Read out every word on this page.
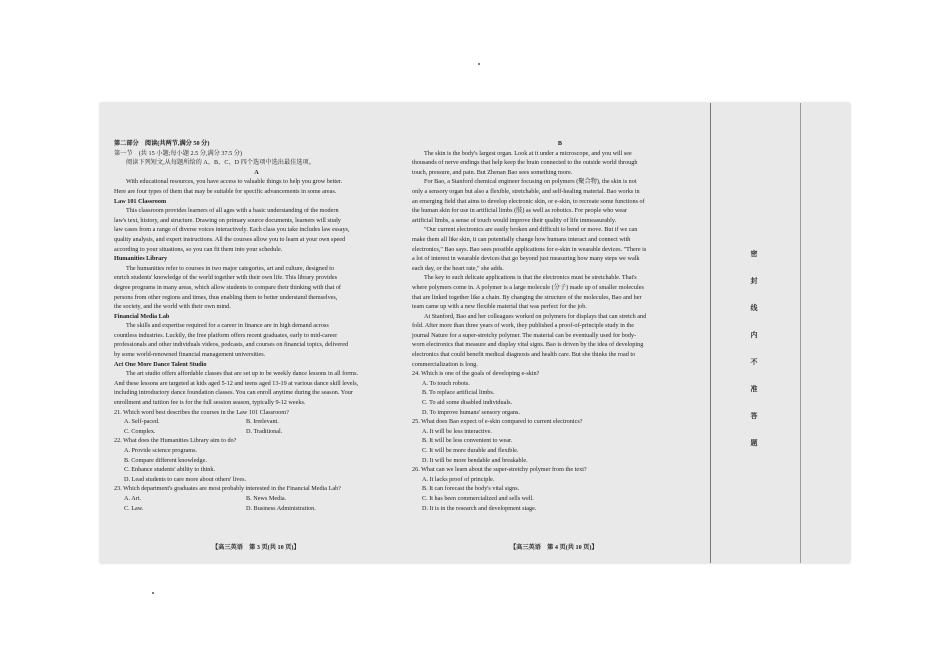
第二部分　阅读(共两节,满分 50 分)

第一节　(共 15 小题;每小题 2.5 分,满分 37.5 分)

阅读下列短文,从每题所给的 A、B、C、D 四个选项中选出最佳选项。

A

With educational resources, you have access to valuable things to help you grow better.

Here are four types of them that may be suitable for specific advancements in some areas.

Law 101 Classroom

This classroom provides learners of all ages with a basic understanding of the modern

law's text, history, and structure. Drawing on primary source documents, learners will study

law cases from a range of diverse voices interactively. Each class you take includes law essays,

quality analysis, and expert instructions. All the courses allow you to learn at your own speed

according to your situations, so you can fit them into your schedule.

Humanities Library

The humanities refer to courses in two major categories, art and culture, designed to

enrich students' knowledge of the world together with their own life. This library provides

degree programs in many areas, which allow students to compare their thinking with that of

persons from other regions and times, thus enabling them to better understand themselves,

the society, and the world with their own mind.

Financial Media Lab

The skills and expertise required for a career in finance are in high demand across

countless industries. Luckily, the free platform offers recent graduates, early to mid-career

professionals and other individuals videos, podcasts, and courses on financial topics, delivered

by some world-renowned financial management universities.

Act One More Dance Talent Studio

The art studio offers affordable classes that are set up to be weekly dance lessons in all forms.

And these lessons are targeted at kids aged 5-12 and teens aged 13-19 at various dance skill levels,

including introductory dance foundation classes. You can enroll anytime during the season. Your

enrollment and tuition fee is for the full session season, typically 9-12 weeks.

21. Which word best describes the courses in the Law 101 Classroom?

A. Self-paced.	B. Irrelevant.
C. Complex.	D. Traditional.

22. What does the Humanities Library aim to do?

A. Provide science programs.

B. Compare different knowledge.

C. Enhance students' ability to think.

D. Lead students to care more about others' lives.

23. Which department's graduates are most probably interested in the Financial Media Lab?

A. Art.	B. News Media.
C. Law.	D. Business Administration.

B

The skin is the body's largest organ. Look at it under a microscope, and you will see

thousands of nerve endings that help keep the brain connected to the outside world through

touch, pressure, and pain. But Zhenan Bao sees something more.

For Bao, a Stanford chemical engineer focusing on polymers (聚合物), the skin is not

only a sensory organ but also a flexible, stretchable, and self-healing material. Bao works in

an emerging field that aims to develop electronic skin, or e-skin, to recreate some functions of

the human skin for use in artificial limbs (肢) as well as robotics. For people who wear

artificial limbs, a sense of touch would improve their quality of life immeasurably.

"Our current electronics are easily broken and difficult to bend or move. But if we can

make them all like skin, it can potentially change how humans interact and connect with

electronics," Bao says. Bao sees possible applications for e-skin in wearable devices. "There is

a lot of interest in wearable devices that go beyond just measuring how many steps we walk

each day, or the heart rate," she adds.

The key to such delicate applications is that the electronics must be stretchable. That's

where polymers come in. A polymer is a large molecule (分子) made up of smaller molecules

that are linked together like a chain. By changing the structure of the molecules, Bao and her

team came up with a new flexible material that was perfect for the job.

At Stanford, Bao and her colleagues worked on polymers for displays that can stretch and

fold. After more than three years of work, they published a proof-of-principle study in the

journal Nature for a super-stretchy polymer. The material can be eventually used for body-

worn electronics that measure and display vital signs. Bao is driven by the idea of developing

electronics that could benefit medical diagnosis and health care. But she thinks the road to

commercialization is long.

24. Which is one of the goals of developing e-skin?

A. To touch robots.

B. To replace artificial limbs.

C. To aid some disabled individuals.

D. To improve humans' sensory organs.

25. What does Bao expect of e-skin compared to current electronics?

A. It will be less interactive.

B. It will be less convenient to wear.

C. It will be more durable and flexible.

D. It will be more bendable and breakable.

26. What can we learn about the super-stretchy polymer from the text?

A. It lacks proof of principle.

B. It can forecast the body's vital signs.

C. It has been commercialized and sells well.

D. It is in the research and development stage.

【高三英语　第 3 页(共 10 页)】	【高三英语　第 4 页(共 10 页)】
密
封
线
内
不
准
答
题
